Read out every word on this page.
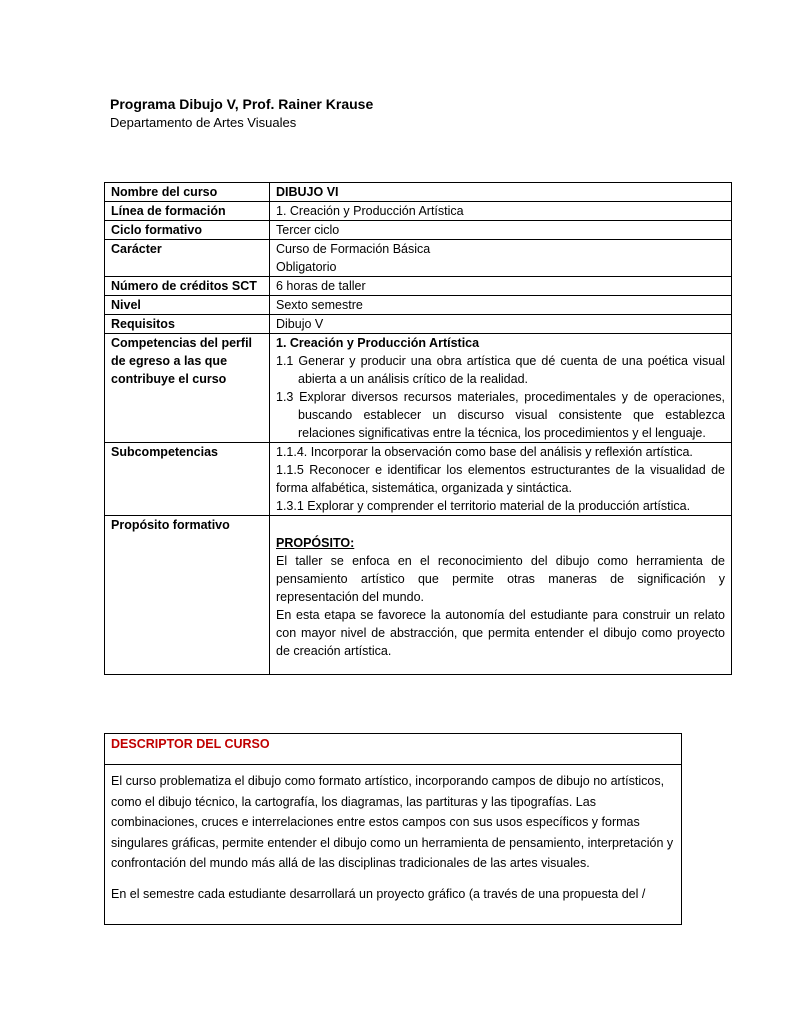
Programa Dibujo V, Prof. Rainer Krause
Departamento de Artes Visuales
Nombre del curso	DIBUJO VI
Línea de formación	1. Creación y Producción Artística
Ciclo formativo	Tercer ciclo
Carácter	Curso de Formación Básica
Obligatorio

Número de créditos SCT	6 horas de taller
Nivel	Sexto semestre
Requisitos	Dibujo V
Competencias del perfil de egreso a las que contribuye el curso	1. Creación y Producción Artística
1.1 Generar y producir una obra artística que dé cuenta de una poética visual abierta a un análisis crítico de la realidad.
1.3 Explorar diversos recursos materiales, procedimentales y de operaciones, buscando establecer un discurso visual consistente que establezca relaciones significativas entre la técnica, los procedimientos y el lenguaje.

Subcompetencias	1.1.4. Incorporar la observación como base del análisis y reflexión artística.
1.1.5 Reconocer e identificar los elementos estructurantes de la visualidad de forma alfabética, sistemática, organizada y sintáctica.
1.3.1 Explorar y comprender el territorio material de la producción artística.

Propósito formativo	PROPÓSITO:
El taller se enfoca en el reconocimiento del dibujo como herramienta de pensamiento artístico que permite otras maneras de significación y representación del mundo.
En esta etapa se favorece la autonomía del estudiante para construir un relato con mayor nivel de abstracción, que permita entender el dibujo como proyecto de creación artística.
DESCRIPTOR DEL CURSO

El curso problematiza el dibujo como formato artístico, incorporando campos de dibujo no artísticos, como el dibujo técnico, la cartografía, los diagramas, las partituras y las tipografías. Las combinaciones, cruces e interrelaciones entre estos campos con sus usos específicos y formas singulares gráficas, permite entender el dibujo como un herramienta de pensamiento, interpretación y confrontación del mundo más allá de las disciplinas tradicionales de las artes visuales.

En el semestre cada estudiante desarrollará un proyecto gráfico (a través de una propuesta del /
